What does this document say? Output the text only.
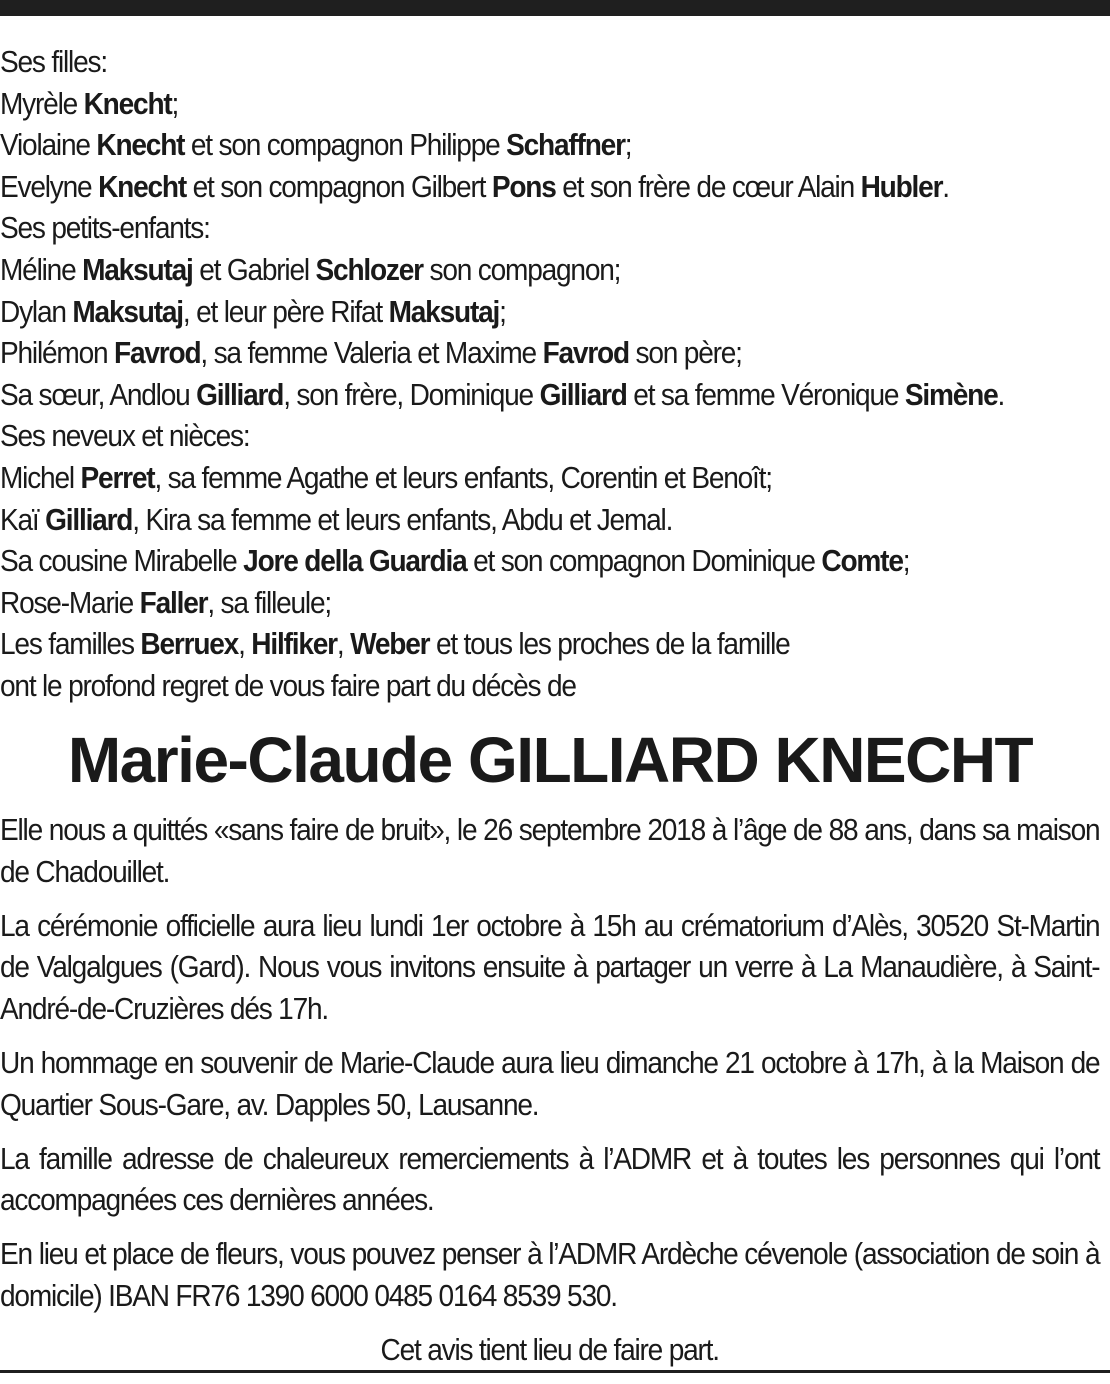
Ses filles:
Myrèle Knecht;
Violaine Knecht et son compagnon Philippe Schaffner;
Evelyne Knecht et son compagnon Gilbert Pons et son frère de cœur Alain Hubler.
Ses petits-enfants:
Méline Maksutaj et Gabriel Schlozer son compagnon;
Dylan Maksutaj, et leur père Rifat Maksutaj;
Philémon Favrod, sa femme Valeria et Maxime Favrod son père;
Sa sœur, Andlou Gilliard, son frère, Dominique Gilliard et sa femme Véronique Simène.
Ses neveux et nièces:
Michel Perret, sa femme Agathe et leurs enfants, Corentin et Benoît;
Kaï Gilliard, Kira sa femme et leurs enfants, Abdu et Jemal.
Sa cousine Mirabelle Jore della Guardia et son compagnon Dominique Comte;
Rose-Marie Faller, sa filleule;
Les familles Berruex, Hilfiker, Weber et tous les proches de la famille
ont le profond regret de vous faire part du décès de
Marie-Claude GILLIARD KNECHT

Elle nous a quittés «sans faire de bruit», le 26 septembre 2018 à l’âge de 88 ans, dans sa maison de Chadouillet.

La cérémonie officielle aura lieu lundi 1er octobre à 15h au crématorium d’Alès, 30520 St-Martin de Valgalgues (Gard). Nous vous invitons ensuite à partager un verre à La Manaudière, à Saint-André-de-Cruzières dés 17h.

Un hommage en souvenir de Marie-Claude aura lieu dimanche 21 octobre à 17h, à la Maison de Quartier Sous-Gare, av. Dapples 50, Lausanne.

La famille adresse de chaleureux remerciements à l’ADMR et à toutes les personnes qui l’ont accompagnées ces dernières années.

En lieu et place de fleurs, vous pouvez penser à l’ADMR Ardèche cévenole (association de soin à domicile) IBAN FR76 1390 6000 0485 0164 8539 530.

Cet avis tient lieu de faire part.
